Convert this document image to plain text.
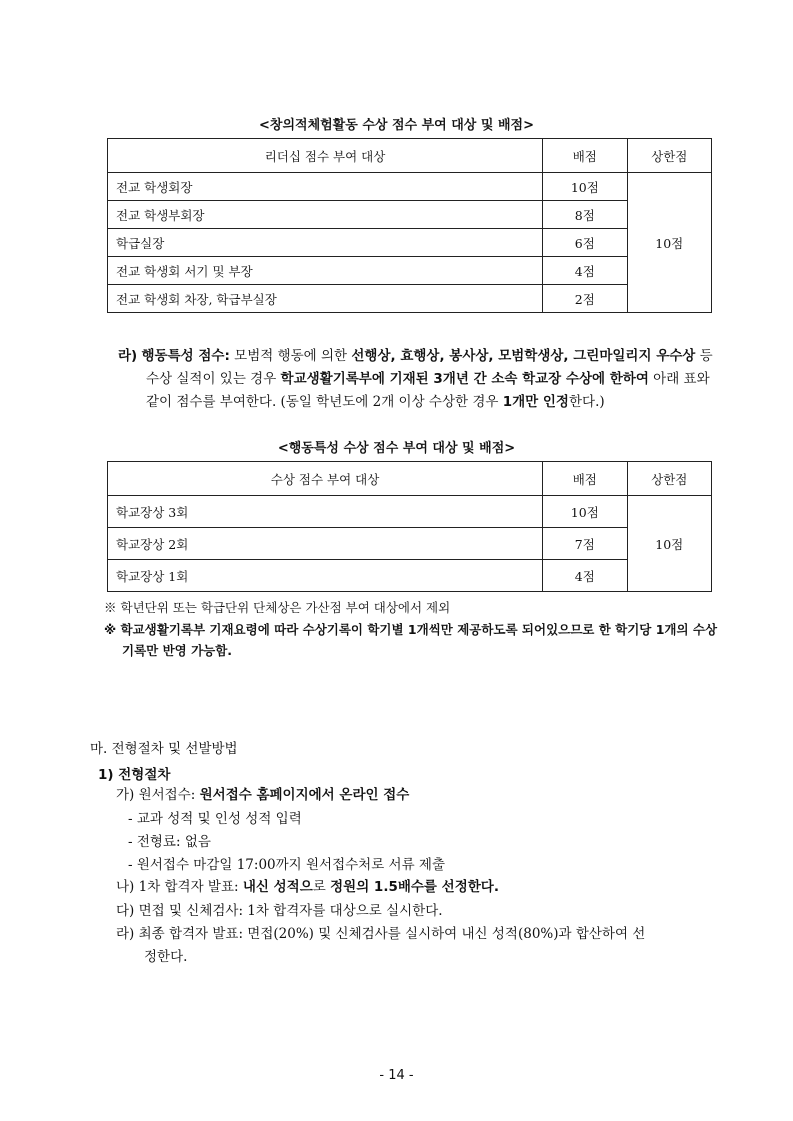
<창의적체험활동 수상 점수 부여 대상 및 배점>
리더십 점수 부여 대상	배점	상한점
전교 학생회장	10점	10점
전교 학생부회장	8점	
학급실장	6점	
전교 학생회 서기 및 부장	4점	
전교 학생회 차장, 학급부실장	2점	
라) 행동특성 점수: 모범적 행동에 의한 선행상, 효행상, 봉사상, 모범학생상, 그린마일리지 우수상 등 수상 실적이 있는 경우 학교생활기록부에 기재된 3개년 간 소속 학교장 수상에 한하여 아래 표와 같이 점수를 부여한다. (동일 학년도에 2개 이상 수상한 경우 1개만 인정한다.)
<행동특성 수상 점수 부여 대상 및 배점>
수상 점수 부여 대상	배점	상한점
학교장상 3회	10점	10점
학교장상 2회	7점	
학교장상 1회	4점	
※ 학년단위 또는 학급단위 단체상은 가산점 부여 대상에서 제외
※ 학교생활기록부 기재요령에 따라 수상기록이 학기별 1개씩만 제공하도록 되어있으므로 한 학기당 1개의 수상기록만 반영 가능함.
마. 전형절차 및 선발방법
1) 전형절차
가) 원서접수: 원서접수 홈페이지에서 온라인 접수
- 교과 성적 및 인성 성적 입력
- 전형료: 없음
- 원서접수 마감일 17:00까지 원서접수처로 서류 제출
나) 1차 합격자 발표: 내신 성적으로 정원의 1.5배수를 선정한다.
다) 면접 및 신체검사: 1차 합격자를 대상으로 실시한다.
라) 최종 합격자 발표: 면접(20%) 및 신체검사를 실시하여 내신 성적(80%)과 합산하여 선
정한다.
- 14 -
